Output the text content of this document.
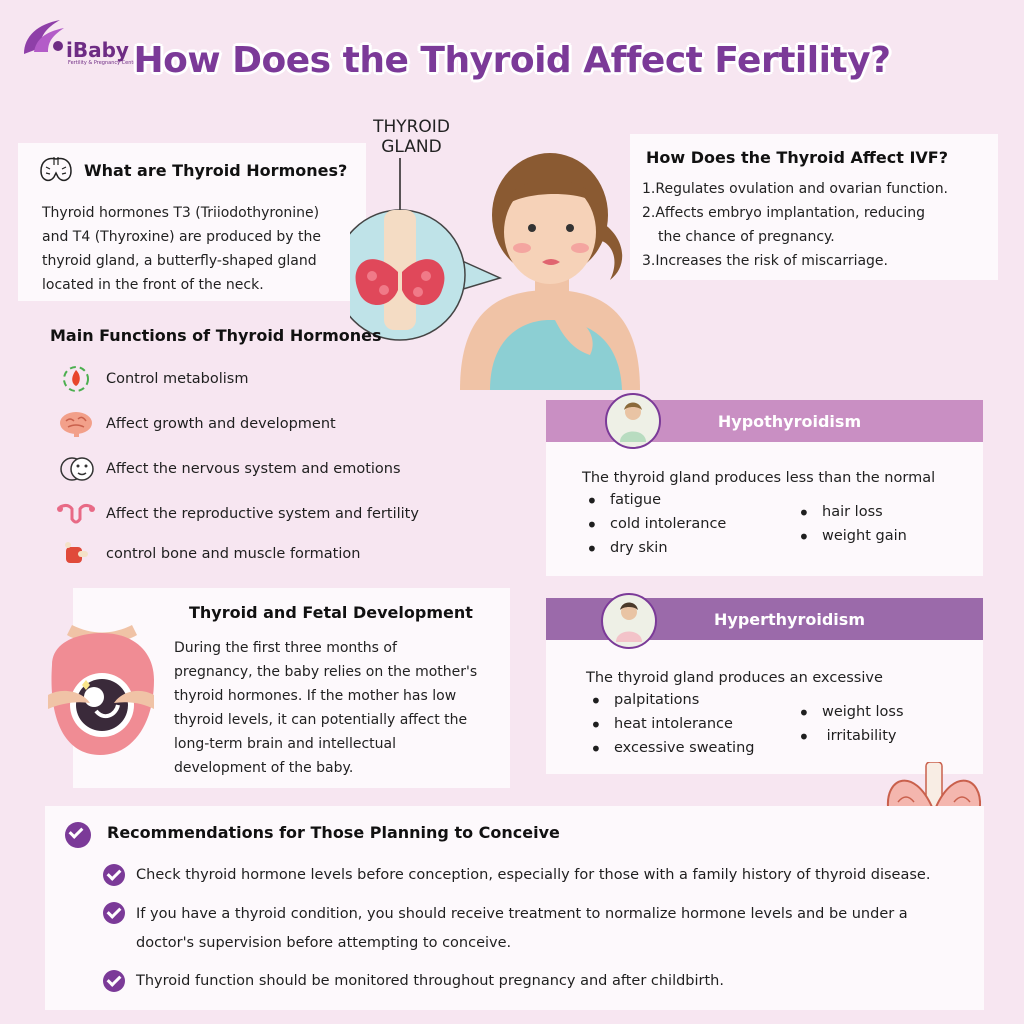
iBaby
Fertility & Pregnancy Center
How Does the Thyroid Affect Fertility?
What are Thyroid Hormones?
Thyroid hormones T3 (Triiodothyronine)
and T4 (Thyroxine) are produced by the
thyroid gland, a butterfly-shaped gland
located in the front of the neck.
THYROID
GLAND
How Does the Thyroid Affect IVF?
1.Regulates ovulation and ovarian function.
2.Affects embryo implantation, reducing
the chance of pregnancy.
3.Increases the risk of miscarriage.
Main Functions of Thyroid Hormones
Control metabolism
Affect growth and development
Affect the nervous system and emotions
Affect the reproductive system and fertility
control bone and muscle formation
Thyroid and Fetal Development
During the first three months of
pregnancy, the baby relies on the mother's
thyroid hormones. If the mother has low
thyroid levels, it can potentially affect the
long-term brain and intellectual
development of the baby.
Hypothyroidism
The thyroid gland produces less than the normal
• fatigue
• cold intolerance
• dry skin
• hair loss
• weight gain
Hyperthyroidism
The thyroid gland produces an excessive
• palpitations
• heat intolerance
• excessive sweating
• weight loss
•  irritability
Recommendations for Those Planning to Conceive
Check thyroid hormone levels before conception, especially for those with a family history of thyroid disease.
If you have a thyroid condition, you should receive treatment to normalize hormone levels and be under a
doctor's supervision before attempting to conceive.
Thyroid function should be monitored throughout pregnancy and after childbirth.
